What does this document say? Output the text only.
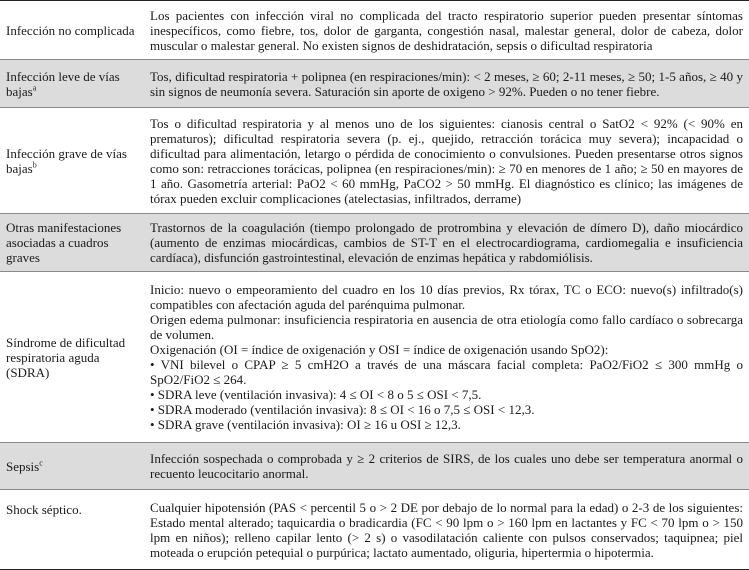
Infección no complicada

Los pacientes con infección viral no complicada del tracto respiratorio superior pueden presentar síntomas inespecíficos, como fiebre, tos, dolor de garganta, congestión nasal, malestar general, dolor de cabeza, dolor muscular o malestar general. No existen signos de deshidratación, sepsis o dificultad respiratoria

Infección leve de vías
bajas$^a$

Tos, dificultad respiratoria + polipnea (en respiraciones/min): < 2 meses, ≥ 60; 2-11 meses, ≥ 50; 1-5 años, ≥ 40 y sin signos de neumonía severa. Saturación sin aporte de oxigeno > 92%. Pueden o no tener fiebre.

Infección grave de vías
bajas$^b$

Tos o dificultad respiratoria y al menos uno de los siguientes: cianosis central o SatO2 < 92% (< 90% en prematuros); dificultad respiratoria severa (p. ej., quejido, retracción torácica muy severa); incapacidad o dificultad para alimentación, letargo o pérdida de conocimiento o convulsiones. Pueden presentarse otros signos como son: retracciones torácicas, polipnea (en respiraciones/min): ≥ 70 en menores de 1 año; ≥ 50 en mayores de 1 año. Gasometría arterial: PaO2 < 60 mmHg, PaCO2 > 50 mmHg. El diagnóstico es clínico; las imágenes de tórax pueden excluir complicaciones (atelectasias, infiltrados, derrame)

Otras manifestaciones
asociadas a cuadros
graves

Trastornos de la coagulación (tiempo prolongado de protrombina y elevación de dímero D), daño miocárdico (aumento de enzimas miocárdicas, cambios de ST-T en el electrocardiograma, cardiomegalia e insuficiencia cardíaca), disfunción gastrointestinal, elevación de enzimas hepática y rabdomiólisis.

Síndrome de dificultad
respiratoria aguda
(SDRA)
Inicio: nuevo o empeoramiento del cuadro en los 10 días previos, Rx tórax, TC o ECO: nuevo(s) infiltrado(s) compatibles con afectación aguda del parénquima pulmonar.
Origen edema pulmonar: insuficiencia respiratoria en ausencia de otra etiología como fallo cardíaco o sobrecarga de volumen.
Oxigenación (OI = índice de oxigenación y OSI = índice de oxigenación usando SpO2):
• VNI bilevel o CPAP ≥ 5 cmH2O a través de una máscara facial completa: PaO2/FiO2 ≤ 300 mmHg o SpO2/FiO2 ≤ 264.
• SDRA leve (ventilación invasiva): 4 ≤ OI < 8 o 5 ≤ OSI < 7,5.
• SDRA moderado (ventilación invasiva): 8 ≤ OI < 16 o 7,5 ≤ OSI < 12,3.
• SDRA grave (ventilación invasiva): OI ≥ 16 u OSI ≥ 12,3.
Sepsis$^c$	Infección sospechada o comprobada y ≥ 2 criterios de SIRS, de los cuales uno debe ser temperatura anormal o recuento leucocitario anormal.

Shock séptico.	Cualquier hipotensión (PAS < percentil 5 o > 2 DE por debajo de lo normal para la edad) o 2-3 de los siguientes: Estado mental alterado; taquicardia o bradicardia (FC < 90 lpm o > 160 lpm en lactantes y FC < 70 lpm o > 150 lpm en niños); relleno capilar lento (> 2 s) o vasodilatación caliente con pulsos conservados; taquipnea; piel moteada o erupción petequial o purpúrica; lactato aumentado, oliguria, hipertermia o hipotermia.
